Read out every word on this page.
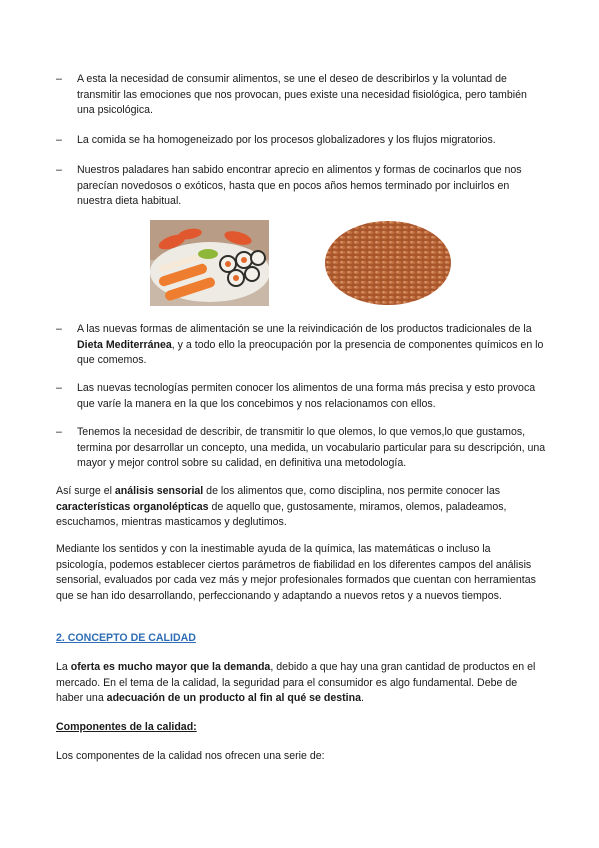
– A esta la necesidad de consumir alimentos, se une el deseo de describirlos y la voluntad de transmitir las emociones que nos provocan, pues existe una necesidad fisiológica, pero también una psicológica.
– La comida se ha homogeneizado por los procesos globalizadores y los flujos migratorios.
– Nuestros paladares han sabido encontrar aprecio en alimentos y formas de cocinarlos que nos parecían novedosos o exóticos, hasta que en pocos años hemos terminado por incluirlos en nuestra dieta habitual.
– A las nuevas formas de alimentación se une la reivindicación de los productos tradicionales de la Dieta Mediterránea, y a todo ello la preocupación por la presencia de componentes químicos en lo que comemos.
– Las nuevas tecnologías permiten conocer los alimentos de una forma más precisa y esto provoca que varíe la manera en la que los concebimos y nos relacionamos con ellos.
– Tenemos la necesidad de describir, de transmitir lo que olemos, lo que vemos,lo que gustamos, termina por desarrollar un concepto, una medida, un vocabulario particular para su descripción, una mayor y mejor control sobre su calidad, en definitiva una metodología.
Así surge el análisis sensorial de los alimentos que, como disciplina, nos permite conocer las características organolépticas de aquello que, gustosamente, miramos, olemos, paladeamos, escuchamos, mientras masticamos y deglutimos.
Mediante los sentidos y con la inestimable ayuda de la química, las matemáticas o incluso la psicología, podemos establecer ciertos parámetros de fiabilidad en los diferentes campos del análisis sensorial, evaluados por cada vez más y mejor profesionales formados que cuentan con herramientas que se han ido desarrollando, perfeccionando y adaptando a nuevos retos y a nuevos tiempos.
2. CONCEPTO DE CALIDAD
La oferta es mucho mayor que la demanda, debido a que hay una gran cantidad de productos en el mercado. En el tema de la calidad, la seguridad para el consumidor es algo fundamental. Debe de haber una adecuación de un producto al fin al qué se destina.
Componentes de la calidad:
Los componentes de la calidad nos ofrecen una serie de:
